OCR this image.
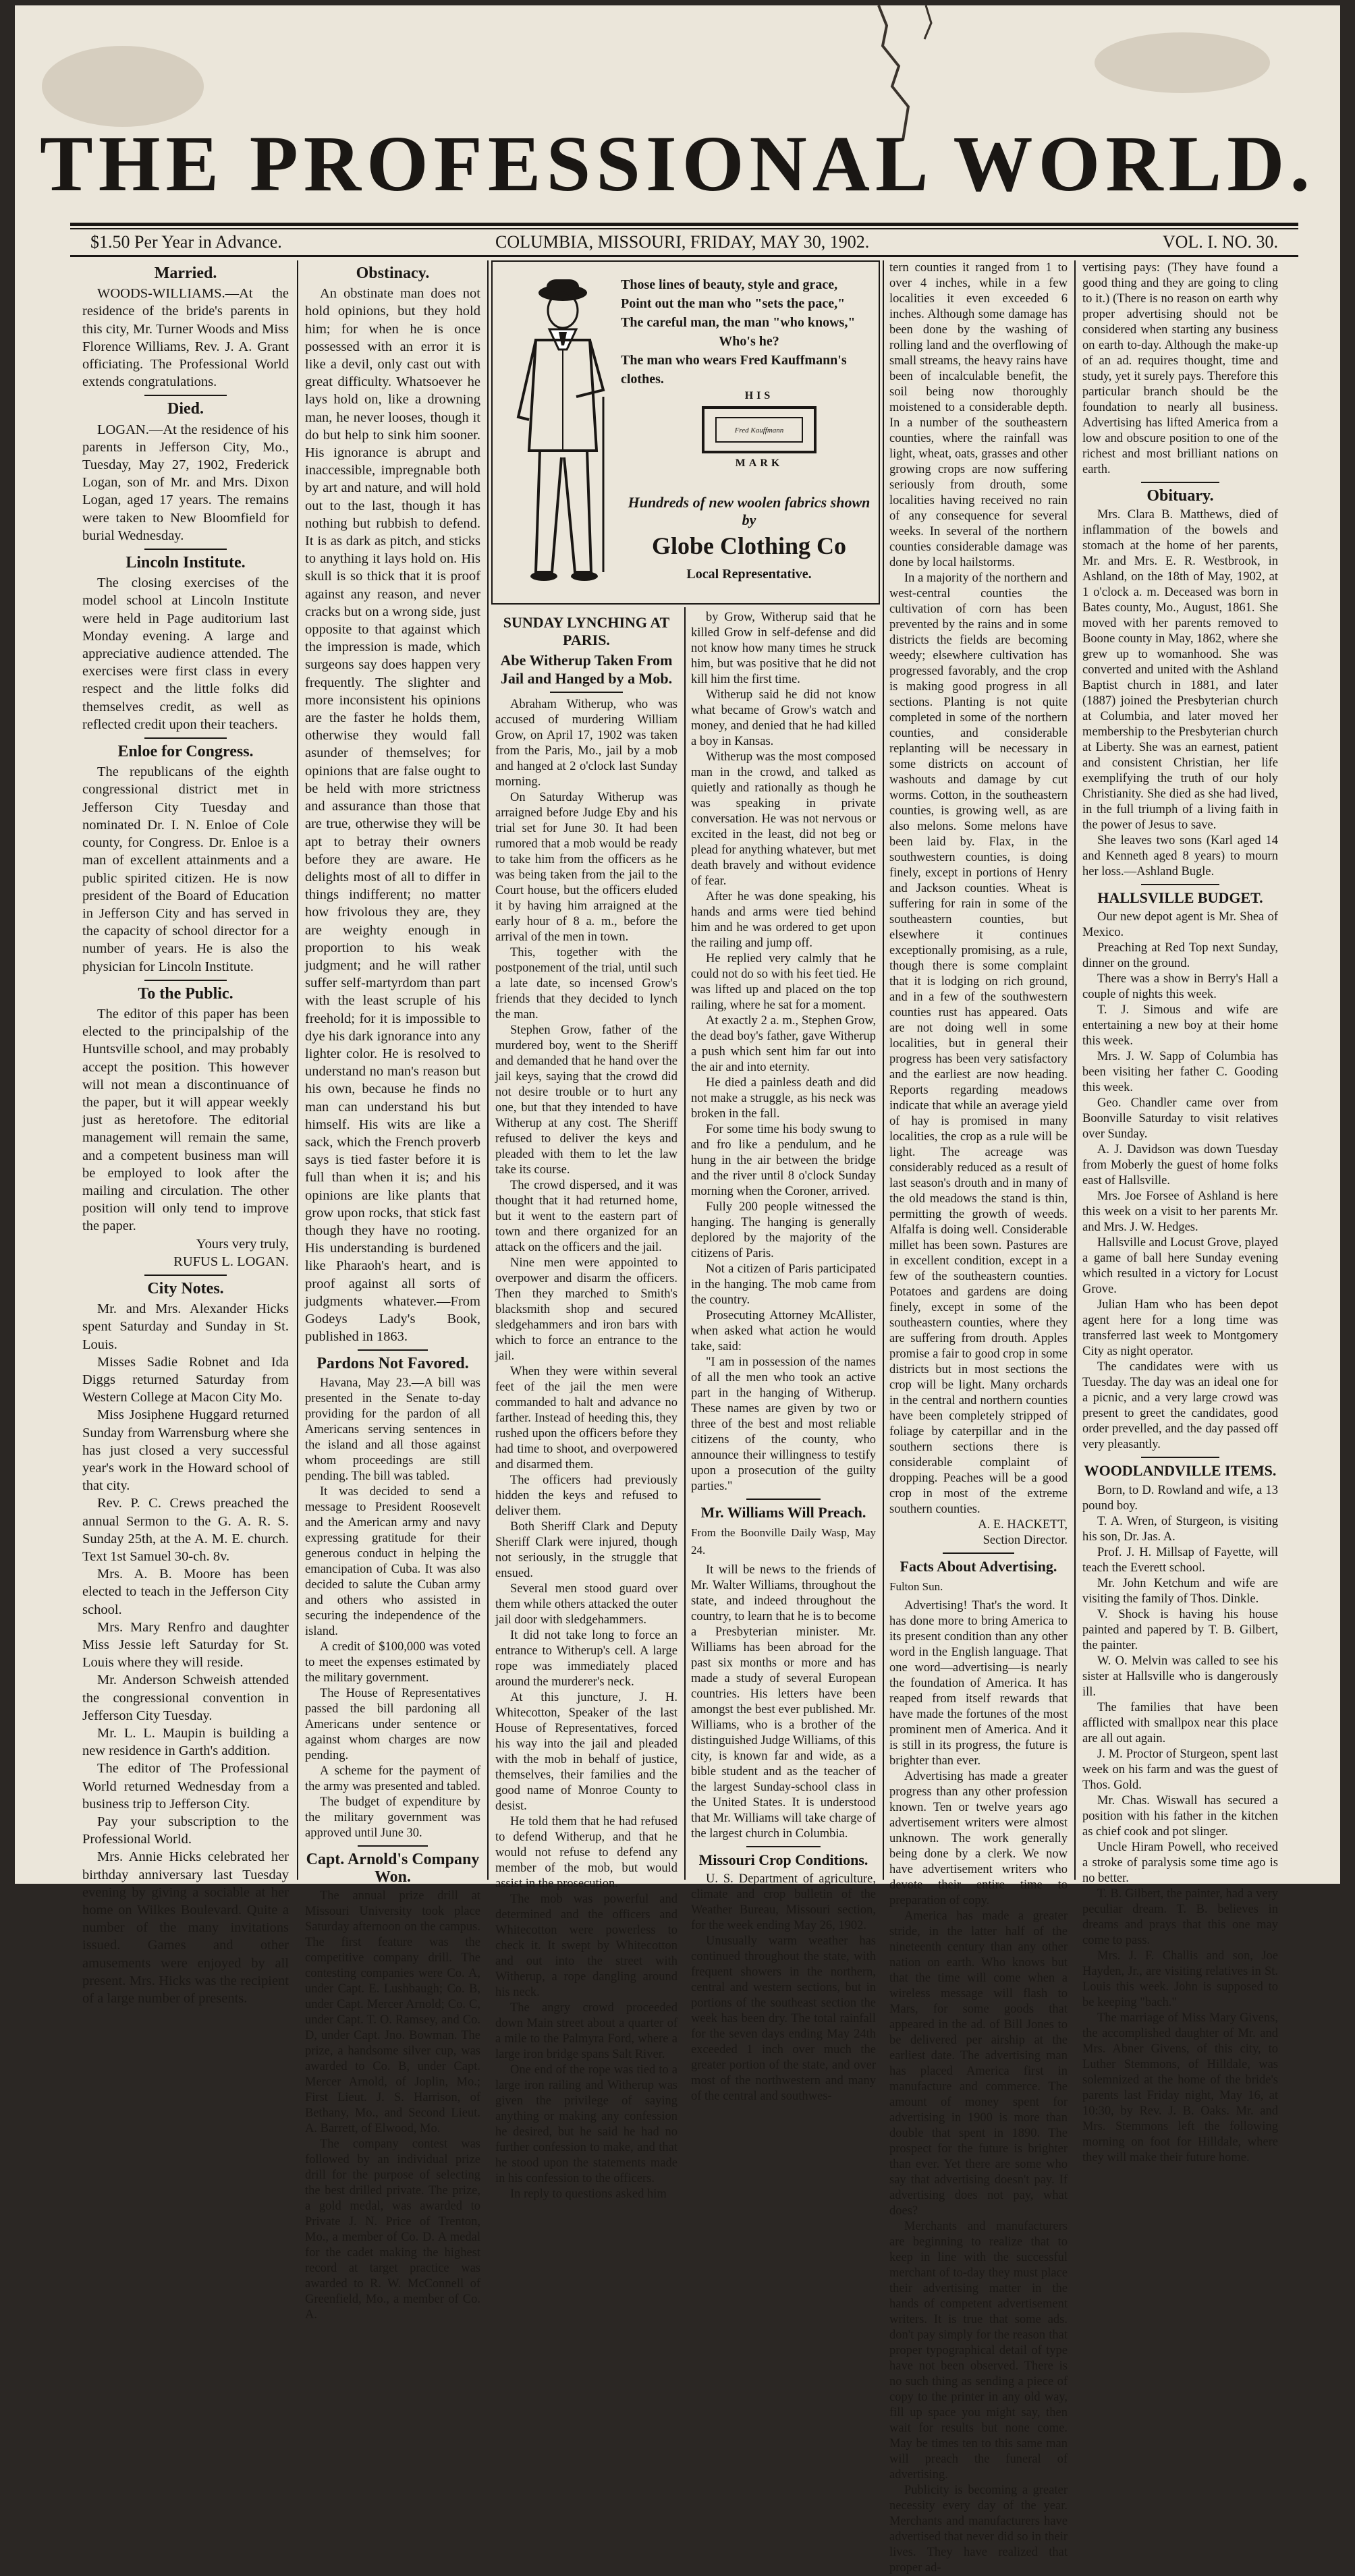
THE PROFESSIONAL WORLD.
$1.50 Per Year in Advance.	COLUMBIA, MISSOURI, FRIDAY, MAY 30, 1902.	VOL. I. NO. 30.
Married.

WOODS-WILLIAMS.—At the residence of the bride's parents in this city, Mr. Turner Woods and Miss Florence Williams, Rev. J. A. Grant officiating. The Professional World extends congratulations.

Died.

LOGAN.—At the residence of his parents in Jefferson City, Mo., Tuesday, May 27, 1902, Frederick Logan, son of Mr. and Mrs. Dixon Logan, aged 17 years. The remains were taken to New Bloomfield for burial Wednesday.

Lincoln Institute.

The closing exercises of the model school at Lincoln Institute were held in Page auditorium last Monday evening. A large and appreciative audience attended. The exercises were first class in every respect and the little folks did themselves credit, as well as reflected credit upon their teachers.

Enloe for Congress.

The republicans of the eighth congressional district met in Jefferson City Tuesday and nominated Dr. I. N. Enloe of Cole county, for Congress. Dr. Enloe is a man of excellent attainments and a public spirited citizen. He is now president of the Board of Education in Jefferson City and has served in the capacity of school director for a number of years. He is also the physician for Lincoln Institute.

To the Public.

The editor of this paper has been elected to the principalship of the Huntsville school, and may probably accept the position. This however will not mean a discontinuance of the paper, but it will appear weekly just as heretofore. The editorial management will remain the same, and a competent business man will be employed to look after the mailing and circulation. The other position will only tend to improve the paper.

Yours very truly,

RUFUS L. LOGAN.

City Notes.

Mr. and Mrs. Alexander Hicks spent Saturday and Sunday in St. Louis.

Misses Sadie Robnet and Ida Diggs returned Saturday from Western College at Macon City Mo.

Miss Josiphene Huggard returned Sunday from Warrensburg where she has just closed a very successful year's work in the Howard school of that city.

Rev. P. C. Crews preached the annual Sermon to the G. A. R. S. Sunday 25th, at the A. M. E. church. Text 1st Samuel 30-ch. 8v.

Mrs. A. B. Moore has been elected to teach in the Jefferson City school.

Mrs. Mary Renfro and daughter Miss Jessie left Saturday for St. Louis where they will reside.

Mr. Anderson Schweish attended the congressional convention in Jefferson City Tuesday.

Mr. L. L. Maupin is building a new residence in Garth's addition.

The editor of The Professional World returned Wednesday from a business trip to Jefferson City.

Pay your subscription to the Professional World.

Mrs. Annie Hicks celebrated her birthday anniversary last Tuesday evening by giving a sociable at her home on Wilkes Boulevard. Quite a number of the many invitations issued. Games and other amusements were enjoyed by all present. Mrs. Hicks was the recipient of a large number of presents.

Obstinacy.

An obstinate man does not hold opinions, but they hold him; for when he is once possessed with an error it is like a devil, only cast out with great difficulty. Whatsoever he lays hold on, like a drowning man, he never looses, though it do but help to sink him sooner. His ignorance is abrupt and inaccessible, impregnable both by art and nature, and will hold out to the last, though it has nothing but rubbish to defend. It is as dark as pitch, and sticks to anything it lays hold on. His skull is so thick that it is proof against any reason, and never cracks but on a wrong side, just opposite to that against which the impression is made, which surgeons say does happen very frequently. The slighter and more inconsistent his opinions are the faster he holds them, otherwise they would fall asunder of themselves; for opinions that are false ought to be held with more strictness and assurance than those that are true, otherwise they will be apt to betray their owners before they are aware. He delights most of all to differ in things indifferent; no matter how frivolous they are, they are weighty enough in proportion to his weak judgment; and he will rather suffer self-martyrdom than part with the least scruple of his freehold; for it is impossible to dye his dark ignorance into any lighter color. He is resolved to understand no man's reason but his own, because he finds no man can understand his but himself. His wits are like a sack, which the French proverb says is tied faster before it is full than when it is; and his opinions are like plants that grow upon rocks, that stick fast though they have no rooting. His understanding is burdened like Pharaoh's heart, and is proof against all sorts of judgments whatever.—From Godeys Lady's Book, published in 1863.

Pardons Not Favored.

Havana, May 23.—A bill was presented in the Senate to-day providing for the pardon of all Americans serving sentences in the island and all those against whom proceedings are still pending. The bill was tabled.

It was decided to send a message to President Roosevelt and the American army and navy expressing gratitude for their generous conduct in helping the emancipation of Cuba. It was also decided to salute the Cuban army and others who assisted in securing the independence of the island.

A credit of $100,000 was voted to meet the expenses estimated by the military government.

The House of Representatives passed the bill pardoning all Americans under sentence or against whom charges are now pending.

A scheme for the payment of the army was presented and tabled.

The budget of expenditure by the military government was approved until June 30.

Capt. Arnold's Company Won.

The annual prize drill at Missouri University took place Saturday afternoon on the campus. The first feature was the competitive company drill. The contesting companies were Co. A, under Capt. E. Lushbaugh; Co. B, under Capt. Mercer Arnold; Co. C, under Capt. T. O. Ramsey, and Co. D, under Capt. Jno. Bowman. The prize, a handsome silver cup, was awarded to Co. B, under Capt. Mercer Arnold, of Joplin, Mo.; First Lieut. J. S. Harrison, of Bethany, Mo., and Second Lieut. A. Barrett, of Elwood, Mo.

The company contest was followed by an individual prize drill for the purpose of selecting the best drilled private. The prize, a gold medal, was awarded to Private J. N. Price of Trenton, Mo., a member of Co. D. A medal for the cadet making the highest record at target practice was awarded to R. W. McConnell of Greenfield, Mo., a member of Co. A.

Those lines of beauty, style and grace,
Point out the man who "sets the pace,"
The careful man, the man "who knows,"
Who's he?
The man who wears Fred Kauffmann's clothes.
HIS
Fred Kauffmann
MARK
Hundreds of new woolen fabrics shown by
Globe Clothing Co
Local Representative.
SUNDAY LYNCHING AT PARIS.
Abe Witherup Taken From Jail and Hanged by a Mob.

Abraham Witherup, who was accused of murdering William Grow, on April 17, 1902 was taken from the Paris, Mo., jail by a mob and hanged at 2 o'clock last Sunday morning.

On Saturday Witherup was arraigned before Judge Eby and his trial set for June 30. It had been rumored that a mob would be ready to take him from the officers as he was being taken from the jail to the Court house, but the officers eluded it by having him arraigned at the early hour of 8 a. m., before the arrival of the men in town.

This, together with the postponement of the trial, until such a late date, so incensed Grow's friends that they decided to lynch the man.

Stephen Grow, father of the murdered boy, went to the Sheriff and demanded that he hand over the jail keys, saying that the crowd did not desire trouble or to hurt any one, but that they intended to have Witherup at any cost. The Sheriff refused to deliver the keys and pleaded with them to let the law take its course.

The crowd dispersed, and it was thought that it had returned home, but it went to the eastern part of town and there organized for an attack on the officers and the jail.

Nine men were appointed to overpower and disarm the officers. Then they marched to Smith's blacksmith shop and secured sledgehammers and iron bars with which to force an entrance to the jail.

When they were within several feet of the jail the men were commanded to halt and advance no farther. Instead of heeding this, they rushed upon the officers before they had time to shoot, and overpowered and disarmed them.

The officers had previously hidden the keys and refused to deliver them.

Both Sheriff Clark and Deputy Sheriff Clark were injured, though not seriously, in the struggle that ensued.

Several men stood guard over them while others attacked the outer jail door with sledgehammers.

It did not take long to force an entrance to Witherup's cell. A large rope was immediately placed around the murderer's neck.

At this juncture, J. H. Whitecotton, Speaker of the last House of Representatives, forced his way into the jail and pleaded with the mob in behalf of justice, themselves, their families and the good name of Monroe County to desist.

He told them that he had refused to defend Witherup, and that he would not refuse to defend any member of the mob, but would assist in the prosecution.

The mob was powerful and determined and the officers and Whitecotton were powerless to check it. It swept by Whitecotton and out into the street with Witherup, a rope dangling around his neck.

The angry crowd proceeded down Main street about a quarter of a mile to the Palmyra Ford, where a large iron bridge spans Salt River.

One end of the rope was tied to a large iron railing and Witherup was given the privilege of saying anything or making any confession he desired, but he said he had no further confession to make, and that he stood upon the statements made in his confession to the officers.

In reply to questions asked him

by Grow, Witherup said that he killed Grow in self-defense and did not know how many times he struck him, but was positive that he did not kill him the first time.

Witherup said he did not know what became of Grow's watch and money, and denied that he had killed a boy in Kansas.

Witherup was the most composed man in the crowd, and talked as quietly and rationally as though he was speaking in private conversation. He was not nervous or excited in the least, did not beg or plead for anything whatever, but met death bravely and without evidence of fear.

After he was done speaking, his hands and arms were tied behind him and he was ordered to get upon the railing and jump off.

He replied very calmly that he could not do so with his feet tied. He was lifted up and placed on the top railing, where he sat for a moment.

At exactly 2 a. m., Stephen Grow, the dead boy's father, gave Witherup a push which sent him far out into the air and into eternity.

He died a painless death and did not make a struggle, as his neck was broken in the fall.

For some time his body swung to and fro like a pendulum, and he hung in the air between the bridge and the river until 8 o'clock Sunday morning when the Coroner, arrived.

Fully 200 people witnessed the hanging. The hanging is generally deplored by the majority of the citizens of Paris.

Not a citizen of Paris participated in the hanging. The mob came from the country.

Prosecuting Attorney McAllister, when asked what action he would take, said:

"I am in possession of the names of all the men who took an active part in the hanging of Witherup. These names are given by two or three of the best and most reliable citizens of the county, who announce their willingness to testify upon a prosecution of the guilty parties."

Mr. Williams Will Preach.

From the Boonville Daily Wasp, May 24.

It will be news to the friends of Mr. Walter Williams, throughout the state, and indeed throughout the country, to learn that he is to become a Presbyterian minister. Mr. Williams has been abroad for the past six months or more and has made a study of several European countries. His letters have been amongst the best ever published. Mr. Williams, who is a brother of the distinguished Judge Williams, of this city, is known far and wide, as a bible student and as the teacher of the largest Sunday-school class in the United States. It is understood that Mr. Williams will take charge of the largest church in Columbia.

Missouri Crop Conditions.

U. S. Department of agriculture, climate and crop bulletin of the Weather Bureau, Missouri section, for the week ending May 26, 1902.

Unusually warm weather has continued throughout the state, with frequent showers in the northern, central and western sections, but in portions of the southeast section the week has been dry. The total rainfall for the seven days ending May 24th exceeded 1 inch over much the greater portion of the state, and over most of the northwestern and many of the central and southwes-

tern counties it ranged from 1 to over 4 inches, while in a few localities it even exceeded 6 inches. Although some damage has been done by the washing of rolling land and the overflowing of small streams, the heavy rains have been of incalculable benefit, the soil being now thoroughly moistened to a considerable depth. In a number of the southeastern counties, where the rainfall was light, wheat, oats, grasses and other growing crops are now suffering seriously from drouth, some localities having received no rain of any consequence for several weeks. In several of the northern counties considerable damage was done by local hailstorms.

In a majority of the northern and west-central counties the cultivation of corn has been prevented by the rains and in some districts the fields are becoming weedy; elsewhere cultivation has progressed favorably, and the crop is making good progress in all sections. Planting is not quite completed in some of the northern counties, and considerable replanting will be necessary in some districts on account of washouts and damage by cut worms. Cotton, in the southeastern counties, is growing well, as are also melons. Some melons have been laid by. Flax, in the southwestern counties, is doing finely, except in portions of Henry and Jackson counties. Wheat is suffering for rain in some of the southeastern counties, but elsewhere it continues exceptionally promising, as a rule, though there is some complaint that it is lodging on rich ground, and in a few of the southwestern counties rust has appeared. Oats are not doing well in some localities, but in general their progress has been very satisfactory and the earliest are now heading. Reports regarding meadows indicate that while an average yield of hay is promised in many localities, the crop as a rule will be light. The acreage was considerably reduced as a result of last season's drouth and in many of the old meadows the stand is thin, permitting the growth of weeds. Alfalfa is doing well. Considerable millet has been sown. Pastures are in excellent condition, except in a few of the southeastern counties. Potatoes and gardens are doing finely, except in some of the southeastern counties, where they are suffering from drouth. Apples promise a fair to good crop in some districts but in most sections the crop will be light. Many orchards in the central and northern counties have been completely stripped of foliage by caterpillar and in the southern sections there is considerable complaint of dropping. Peaches will be a good crop in most of the extreme southern counties.

A. E. HACKETT,

Section Director.

Facts About Advertising.

Fulton Sun.

Advertising! That's the word. It has done more to bring America to its present condition than any other word in the English language. That one word—advertising—is nearly the foundation of America. It has reaped from itself rewards that have made the fortunes of the most prominent men of America. And it is still in its progress, the future is brighter than ever.

Advertising has made a greater progress than any other profession known. Ten or twelve years ago advertisement writers were almost unknown. The work generally being done by a clerk. We now have advertisement writers who devote their entire time to preparation of copy.

America has made a greater stride, in the latter half of the nineteenth century than any other nation on earth. Who knows but that the time will come when a wireless message will flash to Mars, for some goods that appeared in the ad. of Bill Jones to be delivered per airship at the earliest date. The advertising man has placed America first in manufacture and commerce. The amount of money spent for advertising in 1900 is more than double that spent in 1890. The prospect for the future is brighter than ever. Yet there are some who say that advertising doesn't pay. If advertising does not pay, what does?

Merchants and manufacturers are beginning to realize that to keep in line with the successful merchant of to-day they must place their advertising matter in the hands of competent advertisement writers. It is true that some ads. don't pay simply for the reason that proper typographical detail of type have not been observed. There is no such thing as sending a piece of copy to the printer in any old way, fill up space you might say, then wait for results but none come. May be times ten to this same man will preach the funeral of advertising.

Publicity is becoming a greater necessity every day of the year. Merchants and manufacturers have advertised that never did so in their lives. They have realized that proper ad-

vertising pays: (They have found a good thing and they are going to cling to it.) (There is no reason on earth why proper advertising should not be considered when starting any business on earth to-day. Although the make-up of an ad. requires thought, time and study, yet it surely pays. Therefore this particular branch should be the foundation to nearly all business. Advertising has lifted America from a low and obscure position to one of the richest and most brilliant nations on earth.

Obituary.

Mrs. Clara B. Matthews, died of inflammation of the bowels and stomach at the home of her parents, Mr. and Mrs. E. R. Westbrook, in Ashland, on the 18th of May, 1902, at 1 o'clock a. m. Deceased was born in Bates county, Mo., August, 1861. She moved with her parents removed to Boone county in May, 1862, where she grew up to womanhood. She was converted and united with the Ashland Baptist church in 1881, and later (1887) joined the Presbyterian church at Columbia, and later moved her membership to the Presbyterian church at Liberty. She was an earnest, patient and consistent Christian, her life exemplifying the truth of our holy Christianity. She died as she had lived, in the full triumph of a living faith in the power of Jesus to save.

She leaves two sons (Karl aged 14 and Kenneth aged 8 years) to mourn her loss.—Ashland Bugle.

HALLSVILLE BUDGET.

Our new depot agent is Mr. Shea of Mexico.

Preaching at Red Top next Sunday, dinner on the ground.

There was a show in Berry's Hall a couple of nights this week.

T. J. Simous and wife are entertaining a new boy at their home this week.

Mrs. J. W. Sapp of Columbia has been visiting her father C. Gooding this week.

Geo. Chandler came over from Boonville Saturday to visit relatives over Sunday.

A. J. Davidson was down Tuesday from Moberly the guest of home folks east of Hallsville.

Mrs. Joe Forsee of Ashland is here this week on a visit to her parents Mr. and Mrs. J. W. Hedges.

Hallsville and Locust Grove, played a game of ball here Sunday evening which resulted in a victory for Locust Grove.

Julian Ham who has been depot agent here for a long time was transferred last week to Montgomery City as night operator.

The candidates were with us Tuesday. The day was an ideal one for a picnic, and a very large crowd was present to greet the candidates, good order prevelled, and the day passed off very pleasantly.

WOODLANDVILLE ITEMS.

Born, to D. Rowland and wife, a 13 pound boy.

T. A. Wren, of Sturgeon, is visiting his son, Dr. Jas. A.

Prof. J. H. Millsap of Fayette, will teach the Everett school.

Mr. John Ketchum and wife are visiting the family of Thos. Dinkle.

V. Shock is having his house painted and papered by T. B. Gilbert, the painter.

W. O. Melvin was called to see his sister at Hallsville who is dangerously ill.

The families that have been afflicted with smallpox near this place are all out again.

J. M. Proctor of Sturgeon, spent last week on his farm and was the guest of Thos. Gold.

Mr. Chas. Wiswall has secured a position with his father in the kitchen as chief cook and pot slinger.

Uncle Hiram Powell, who received a stroke of paralysis some time ago is no better.

T. B. Gilbert, the painter, had a very peculiar dream. T. B. believes in dreams and prays that this one may come to pass.

Mrs. J. F. Challis and son, Joe Hayden, Jr., are visiting relatives in St. Louis this week. John is supposed to be keeping "bach."

The marriage of Miss Mary Givens, the accomplished daughter of Mr. and Mrs. Abner Givens, of this city, to Luther Stemmons, of Hilldale, was solemnized at the home of the bride's parents last Friday night, May 16, at 10:30, by Rev. J. B. Oaks. Mr. and Mrs. Stemmons left the following morning on foot for Hilldale, where they will make their future home.
